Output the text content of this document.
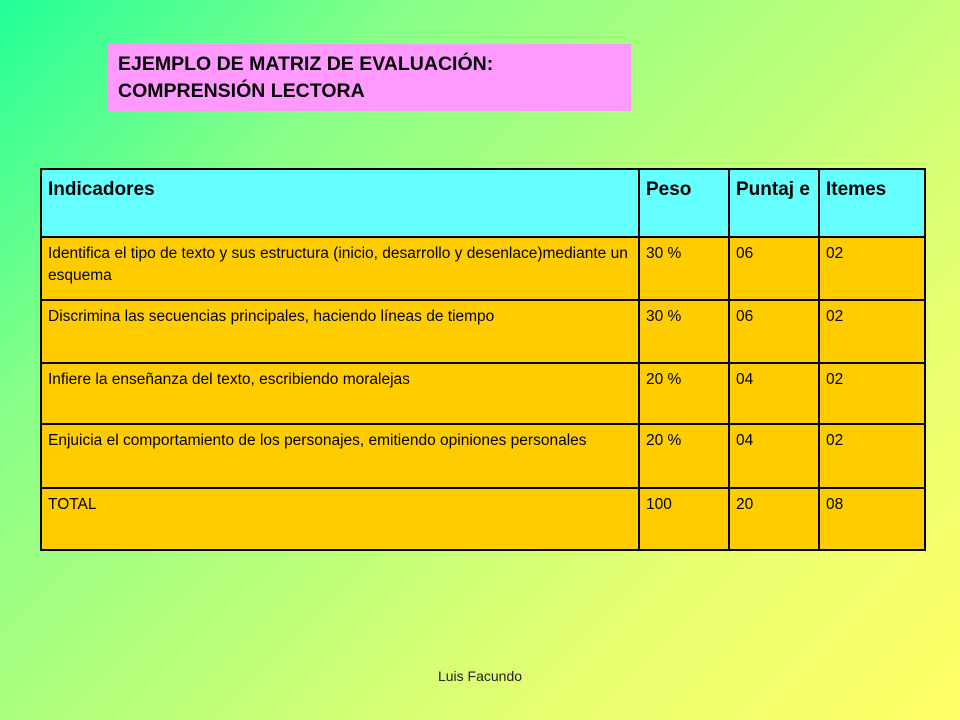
EJEMPLO DE MATRIZ DE EVALUACIÓN:
COMPRENSIÓN LECTORA
Indicadores	Peso	Puntaj e	Itemes
Identifica el tipo de texto y sus estructura (inicio, desarrollo y desenlace)mediante un esquema	30 %	06	02
Discrimina las secuencias principales, haciendo líneas de tiempo	30 %	06	02
Infiere la enseñanza del texto, escribiendo moralejas	20 %	04	02
Enjuicia el comportamiento de los personajes, emitiendo opiniones personales	20 %	04	02
TOTAL	100	20	08
Luis Facundo
